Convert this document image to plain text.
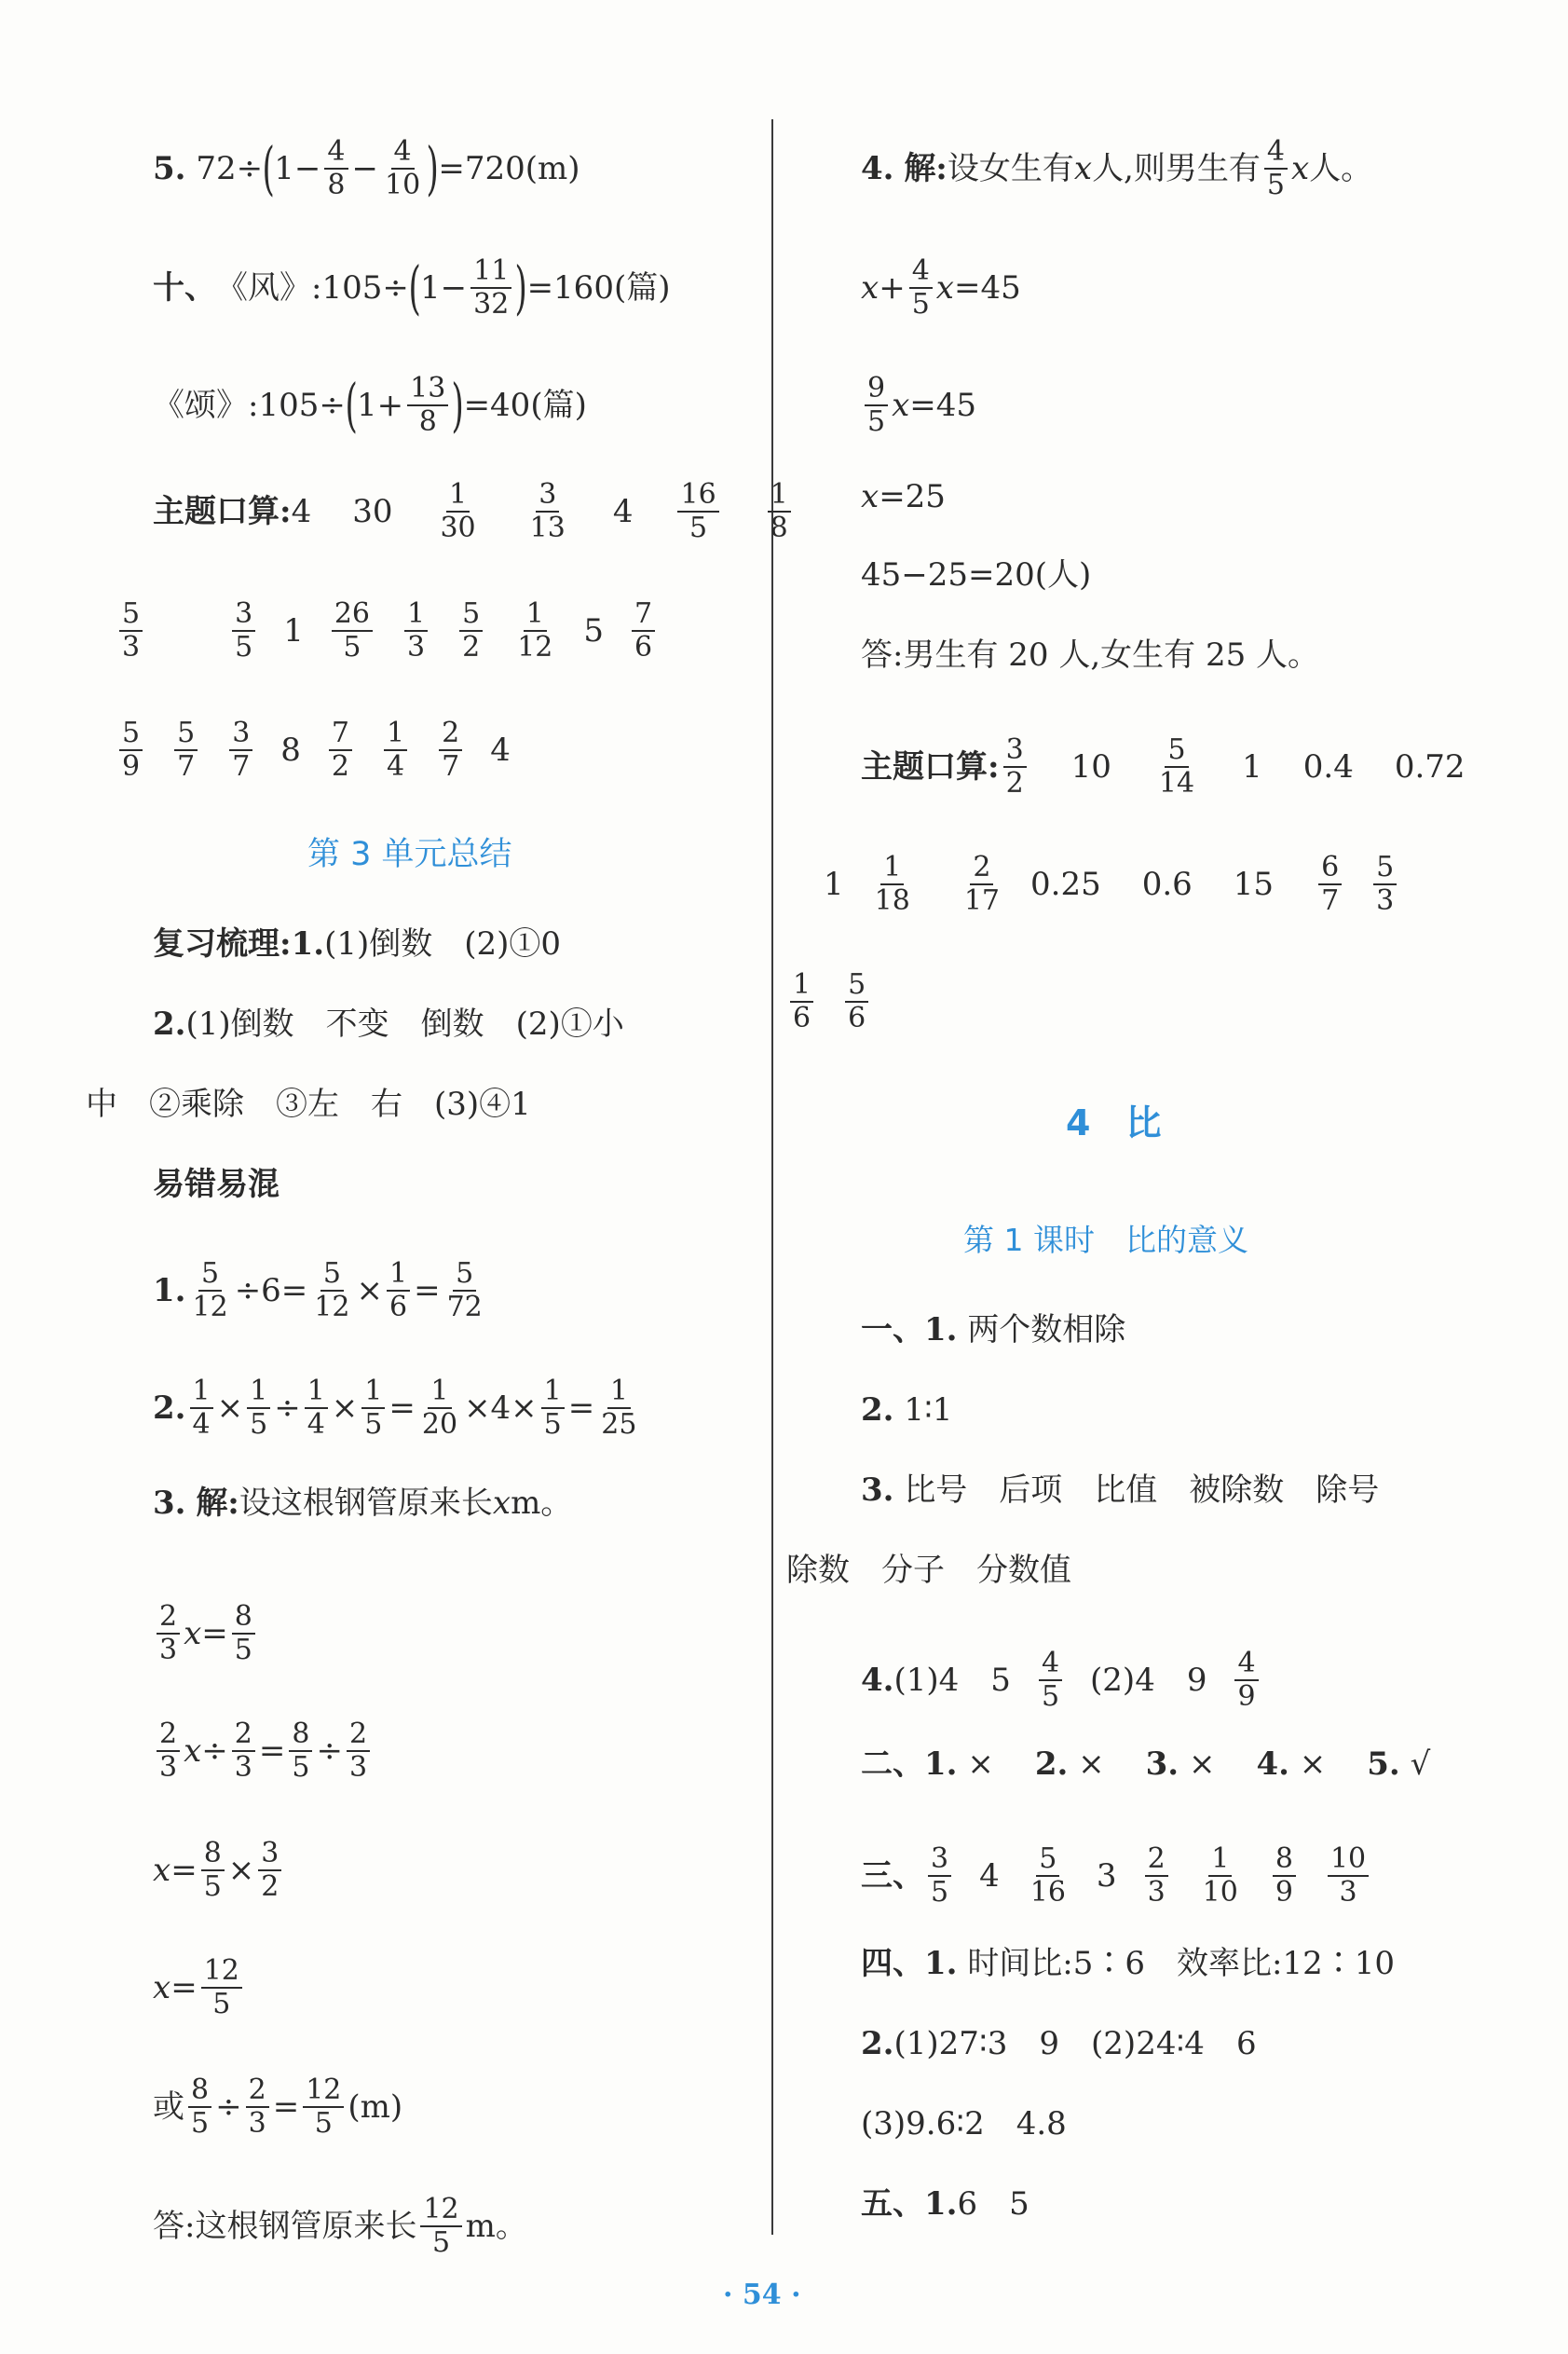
5.
72÷ ( $1- \frac{4}{8} - \frac{4}{10}$ ) =720(m)
十、 《风》:105÷ ( $1- \frac{11}{32}$ ) =160(篇)
《颂》:105÷ ( $1+ \frac{13}{8}$ ) =40(篇)
主题口算: 4 30 1
30
3
13 4 16
5
1
8
5
3
3
5 1 26
5
1
3
5
2
1
12 5 7
6
5
9
5
7
3
7 8 7
2
1
4
2
7 4
第 3 单元总结
复习梳理: 1. (1)倒数　(2)①0
2. (1)倒数　不变　倒数　(2)①小
中　②乘除　③左　右　(3)④1
易错易混
1. $\frac{5}{12} \div 6= \frac{5}{12} \times \frac{1}{6} = \frac{5}{72}$
2. $\frac{1}{4} \times \frac{1}{5} \div \frac{1}{4} \times \frac{1}{5} = \frac{1}{20} \times 4\times \frac{1}{5} = \frac{1}{25}$
3.
解: 设这根钢管原来长 x m。
2
3 $x = \frac{8}{5}$
2
3 $x \div \frac{2}{3} = \frac{8}{5} \div \frac{2}{3}$
$x = \frac{8}{5} \times \frac{3}{2}$
$x = \frac{12}{5}$
或 $\frac{8}{5} \div \frac{2}{3} = \frac{12}{5} (m)$
答:这根钢管原来长 12
5 m。
4.
解: 设女生有 x 人,则男生有 4
5 x 人。
$x + \frac{4}{5}$ x =45
9
5 x =45
x =25
45−25=20(人)
答:男生有 20 人,女生有 25 人。
主题口算: 3
2 10 5
14 1 0.4 0.72
1 1
18
2
17 0.25 0.6 15 6
7
5
3
1
6
5
6
4　比
第 1 课时　比的意义
一、1.
两个数相除
2.
1∶1
3.
比号　后项　比值　被除数　除号
除数　分子　分数值
4. (1)4　5 4
5 (2)4　9 4
9
二、1.
× 2.
× 3.
× 4.
× 5.
√
三、 3
5 4 5
16 3 2
3
1
10
8
9
10
3
四、1.
时间比:5∶6　效率比:12∶10
2. (1)27∶3　9　(2)24∶4　6
(3)9.6∶2　4.8
五、1. 6　5
· 54 ·
